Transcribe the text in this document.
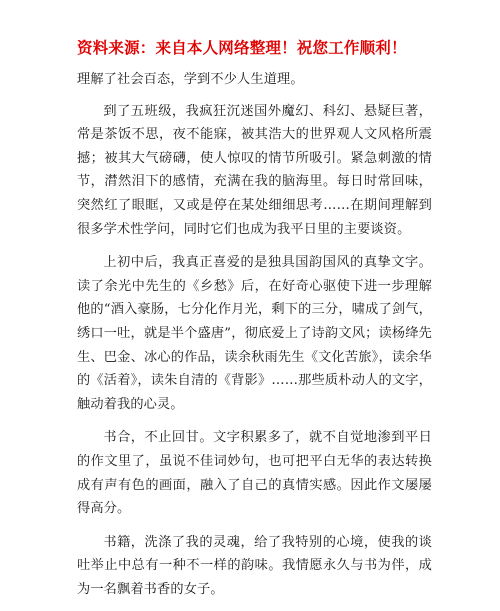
资料来源：来自本人网络整理！祝您工作顺利！

理解了社会百态，学到不少人生道理。

到了五班级，我疯狂沉迷国外魔幻、科幻、悬疑巨著，常是茶饭不思，夜不能寐，被其浩大的世界观人文风格所震撼；被其大气磅礴，使人惊叹的情节所吸引。紧急刺激的情节，潸然泪下的感情，充满在我的脑海里。每日时常回味，突然红了眼眶，又或是停在某处细细思考……在期间理解到很多学术性学问，同时它们也成为我平日里的主要谈资。

上初中后，我真正喜爱的是独具国韵国风的真挚文字。读了余光中先生的《乡愁》后，在好奇心驱使下进一步理解他的“酒入豪肠，七分化作月光，剩下的三分，啸成了剑气，绣口一吐，就是半个盛唐”，彻底爱上了诗韵文风；读杨绛先生、巴金、冰心的作品，读余秋雨先生《文化苦旅》，读余华的《活着》，读朱自清的《背影》……那些质朴动人的文字，触动着我的心灵。

书合，不止回甘。文字积累多了，就不自觉地渗到平日的作文里了，虽说不佳词妙句，也可把平白无华的表达转换成有声有色的画面，融入了自己的真情实感。因此作文屡屡得高分。

书籍，洗涤了我的灵魂，给了我特别的心境，使我的谈吐举止中总有一种不一样的韵味。我情愿永久与书为伴，成为一名飘着书香的女子。
